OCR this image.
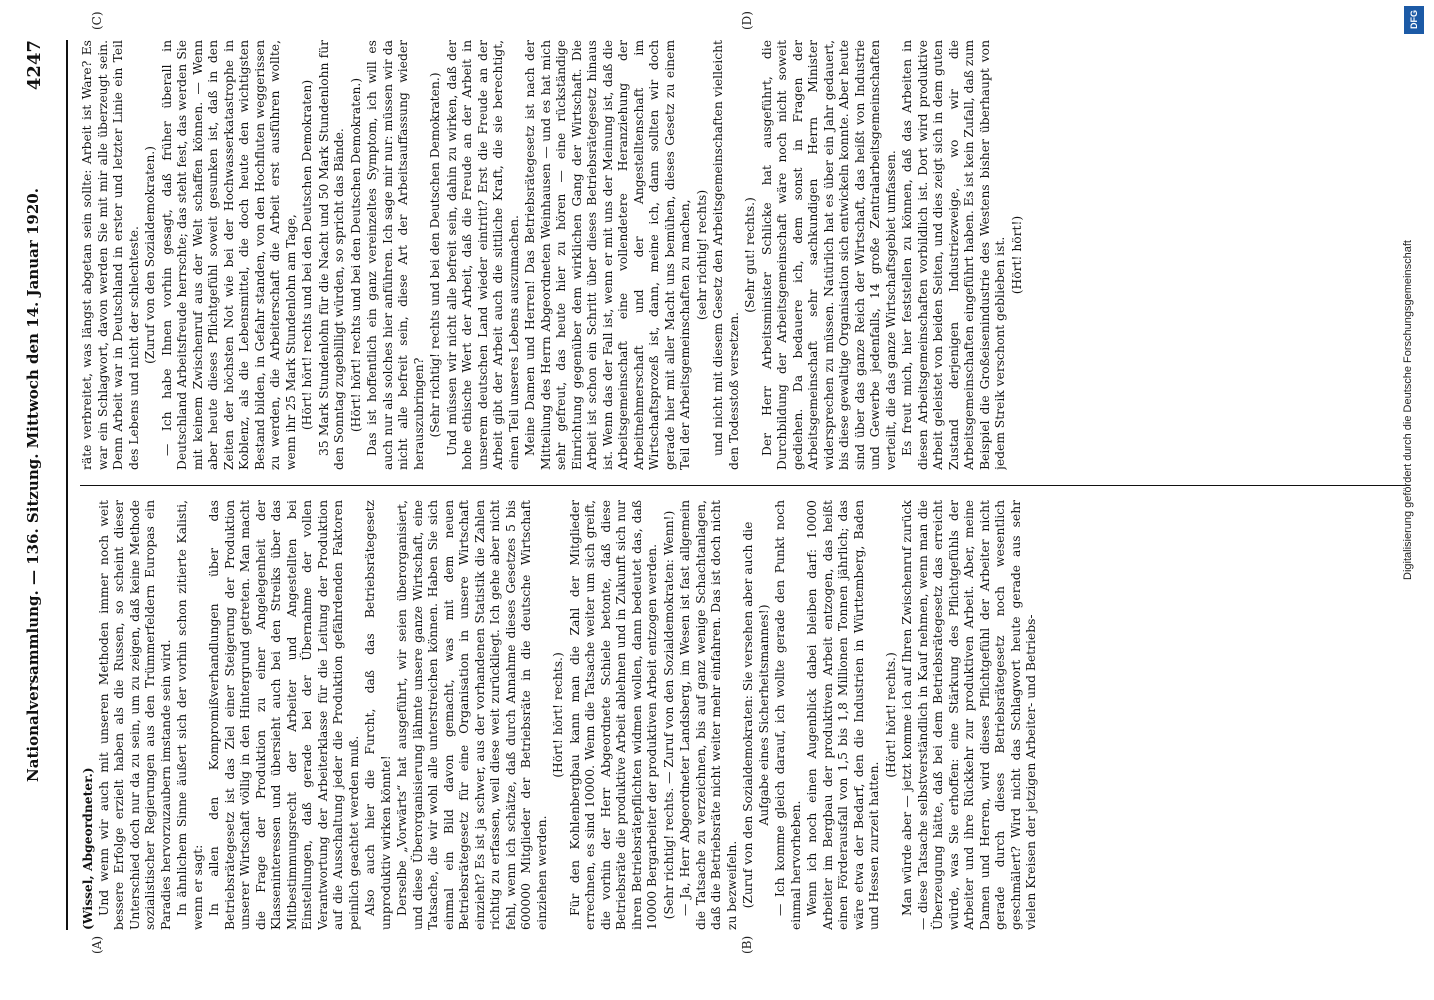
Nationalversammlung. — 136. Sitzung. Mittwoch den 14. Januar 1920.
4247
(A)	(B)
(C)	(D)

(Wissel, Abgeordneter.) Und wenn wir auch mit unseren Methoden immer noch weit bessere Erfolge erzielt haben als die Russen, so scheint dieser Unterschied doch nur da zu sein, um zu zeigen, daß keine Methode sozialistischer Regierungen aus den Trümmerfeldern Europas ein Paradies hervorzuzaubern imstande sein wird. In ähnlichem Sinne äußert sich der vorhin schon zitierte Kalisti, wenn er sagt: In allen den Kompromißverhandlungen über das Betriebsrätegesetz ist das Ziel einer Steigerung der Produktion unserer Wirtschaft völlig in den Hintergrund getreten. Man macht die Frage der Produktion zu einer Angelegenheit der Klasseninteressen und übersieht auch bei den Streiks über das Mitbestimmungsrecht der Arbeiter und Angestellten bei Einstellungen, daß gerade bei der Übernahme der vollen Verantwortung der Arbeiterklasse für die Leitung der Produktion auf die Ausschaltung jeder die Produktion gefährdenden Faktoren peinlich geachtet werden muß. Also auch hier die Furcht, daß das Betriebsrätegesetz unproduktiv wirken könnte! Derselbe „Vorwärts“ hat ausgeführt, wir seien überorganisiert, und diese Überorganisierung lähmte unsere ganze Wirtschaft, eine Tatsache, die wir wohl alle unterstreichen können. Haben Sie sich einmal ein Bild davon gemacht, was mit dem neuen Betriebsrätegesetz für eine Organisation in unsere Wirtschaft einzieht? Es ist ja schwer, aus der vorhandenen Statistik die Zahlen richtig zu erfassen, weil diese weit zurückliegt. Ich gehe aber nicht fehl, wenn ich schätze, daß durch Annahme dieses Gesetzes 5 bis 600000 Mitglieder der Betriebsräte in die deutsche Wirtschaft einziehen werden.

(Hört! hört! rechts.) Für den Kohlenbergbau kann man die Zahl der Mitglieder errechnen, es sind 10000. Wenn die Tatsache weiter um sich greift, die vorhin der Herr Abgeordnete Schiele betonte, daß diese Betriebsräte die produktive Arbeit ablehnen und in Zukunft sich nur ihren Betriebsrätepflichten widmen wollen, dann bedeutet das, daß 10000 Bergarbeiter der produktiven Arbeit entzogen werden. (Sehr richtig! rechts. — Zuruf von den Sozialdemokraten: Wenn!) — Ja, Herr Abgeordneter Landsberg, im Wesen ist fast allgemein die Tatsache zu verzeichnen, bis auf ganz wenige Schachtanlagen, daß die Betriebsräte nicht weiter mehr einfahren. Das ist doch nicht zu bezweifeln. (Zuruf von den Sozialdemokraten: Sie versehen aber auch die Aufgabe eines Sicherheitsmannes!) — Ich komme gleich darauf, ich wollte gerade den Punkt noch einmal hervorheben. Wenn ich noch einen Augenblick dabei bleiben darf: 10000 Arbeiter im Bergbau der produktiven Arbeit entzogen, das heißt einen Förderausfall von 1,5 bis 1,8 Millionen Tonnen jährlich; das wäre etwa der Bedarf, den die Industrien in Württemberg, Baden und Hessen zurzeit hatten.

(Hört! hört! rechts.) Man würde aber — jetzt komme ich auf Ihren Zwischenruf zurück — diese Tatsache selbstverständlich in Kauf nehmen, wenn man die Überzeugung hätte, daß bei dem Betriebsrätegesetz das erreicht würde, was Sie erhoffen: eine Stärkung des Pflichtgefühls der Arbeiter und ihre Rückkehr zur produktiven Arbeit. Aber, meine Damen und Herren, wird dieses Pflichtgefühl der Arbeiter nicht gerade durch dieses Betriebsrätegesetz noch wesentlich geschmälert? Wird nicht das Schlagwort heute gerade aus sehr vielen Kreisen der jetzigen Arbeiter- und Betriebs-

räte verbreitet, was längst abgetan sein sollte: Arbeit ist Ware? Es war ein Schlagwort, davon werden Sie mit mir alle überzeugt sein. Denn Arbeit war in Deutschland in erster und letzter Linie ein Teil des Lebens und nicht der schlechteste. (Zuruf von den Sozialdemokraten.) — Ich habe Ihnen vorhin gesagt, daß früher überall in Deutschland Arbeitsfreude herrschte; das steht fest, das werden Sie mit keinem Zwischenruf aus der Welt schaffen können. — Wenn aber heute dieses Pflichtgefühl soweit gesunken ist, daß in den Zeiten der höchsten Not wie bei der Hochwasserkatastrophe in Koblenz, als die Lebensmittel, die doch heute den wichtigsten Bestand bilden, in Gefahr standen, von den Hochfluten weggerissen zu werden, die Arbeiterschaft die Arbeit erst ausführen wollte, wenn ihr 25 Mark Stundenlohn am Tage, (Hört! hört! rechts und bei den Deutschen Demokraten) 35 Mark Stundenlohn für die Nacht und 50 Mark Stundenlohn für den Sonntag zugebilligt würden, so spricht das Bände. (Hört! hört! rechts und bei den Deutschen Demokraten.) Das ist hoffentlich ein ganz vereinzeltes Symptom, ich will es auch nur als solches hier anführen. Ich sage mir nur: müssen wir da nicht alle befreit sein, diese Art der Arbeitsauffassung wieder herauszubringen? (Sehr richtig! rechts und bei den Deutschen Demokraten.) Und müssen wir nicht alle befreit sein, dahin zu wirken, daß der hohe ethische Wert der Arbeit, daß die Freude an der Arbeit in unserem deutschen Land wieder eintritt? Erst die Freude an der Arbeit gibt der Arbeit auch die sittliche Kraft, die sie berechtigt, einen Teil unseres Lebens auszumachen. Meine Damen und Herren! Das Betriebsrätegesetz ist nach der Mitteilung des Herrn Abgeordneten Weinhausen — und es hat mich sehr gefreut, das heute hier zu hören — eine rückständige Einrichtung gegenüber dem wirklichen Gang der Wirtschaft. Die Arbeit ist schon ein Schritt über dieses Betriebsrätegesetz hinaus ist. Wenn das der Fall ist, wenn er mit uns der Meinung ist, daß die Arbeitsgemeinschaft eine vollendetere Heranziehung der Arbeitnehmerschaft und der Angestelltenschaft im Wirtschaftsprozeß ist, dann, meine ich, dann sollten wir doch gerade hier mit aller Macht uns bemühen, dieses Gesetz zu einem Teil der Arbeitsgemeinschaften zu machen, (sehr richtig! rechts) und nicht mit diesem Gesetz den Arbeitsgemeinschaften vielleicht den Todesstoß versetzen.

(Sehr gut! rechts.) Der Herr Arbeitsminister Schlicke hat ausgeführt, die Durchbildung der Arbeitsgemeinschaft wäre noch nicht soweit gediehen. Da bedauere ich, dem sonst in Fragen der Arbeitsgemeinschaft sehr sachkundigen Herrn Minister widersprechen zu müssen. Natürlich hat es über ein Jahr gedauert, bis diese gewaltige Organisation sich entwickeln konnte. Aber heute sind über das ganze Reich der Wirtschaft, das heißt von Industrie und Gewerbe jedenfalls, 14 große Zentralarbeitsgemeinschaften verteilt, die das ganze Wirtschaftsgebiet umfassen. Es freut mich, hier feststellen zu können, daß das Arbeiten in diesen Arbeitsgemeinschaften vorbildlich ist. Dort wird produktive Arbeit geleistet von beiden Seiten, und dies zeigt sich in dem guten Zustand derjenigen Industriezweige, wo wir die Arbeitsgemeinschaften eingeführt haben. Es ist kein Zufall, daß zum Beispiel die Großeisenindustrie des Westens bisher überhaupt von jedem Streik verschont geblieben ist. (Hört! hört!)

DFG
Digitalisierung gefördert durch die Deutsche Forschungsgemeinschaft
